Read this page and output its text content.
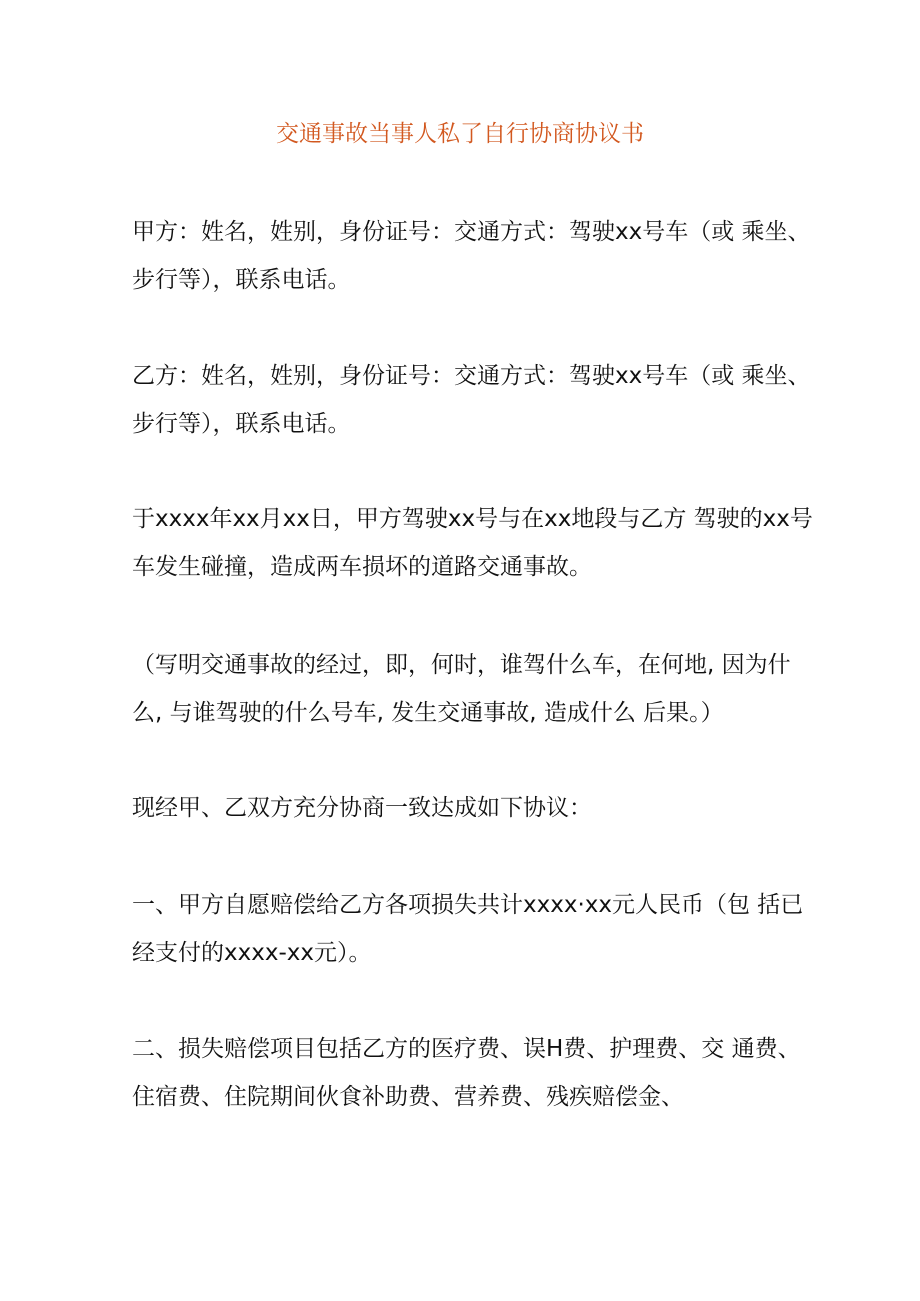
交通事故当事人私了自行协商协议书
甲方：姓名，姓别，身份证号：交通方式：驾驶xx号车（或 乘坐、
步行等），联系电话。
乙方：姓名，姓别，身份证号：交通方式：驾驶xx号车（或 乘坐、
步行等），联系电话。
于xxxx年xx月xx日，甲方驾驶xx号与在xx地段与乙方 驾驶的xx号
车发生碰撞，造成两车损坏的道路交通事故。
（写明交通事故的经过，即，何时，谁驾什么车，在何地, 因为什
么, 与谁驾驶的什么号车, 发生交通事故, 造成什么 后果。）
现经甲、乙双方充分协商一致达成如下协议：
一、甲方自愿赔偿给乙方各项损失共计xxxx·xx元人民币（包 括已
经支付的xxxx-xx元）。
二、损失赔偿项目包括乙方的医疗费、误H费、护理费、交 通费、
住宿费、住院期间伙食补助费、营养费、残疾赔偿金、
